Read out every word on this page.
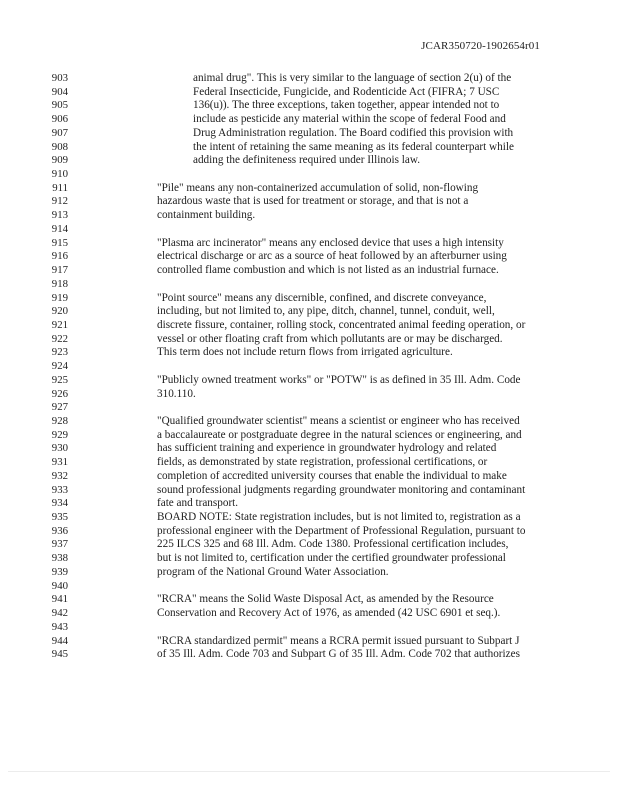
JCAR350720-1902654r01
903	animal drug". This is very similar to the language of section 2(u) of the
904	Federal Insecticide, Fungicide, and Rodenticide Act (FIFRA; 7 USC
905	136(u)). The three exceptions, taken together, appear intended not to
906	include as pesticide any material within the scope of federal Food and
907	Drug Administration regulation. The Board codified this provision with
908	the intent of retaining the same meaning as its federal counterpart while
909	adding the definiteness required under Illinois law.
910
911	"Pile" means any non-containerized accumulation of solid, non-flowing
912	hazardous waste that is used for treatment or storage, and that is not a
913	containment building.
914
915	"Plasma arc incinerator" means any enclosed device that uses a high intensity
916	electrical discharge or arc as a source of heat followed by an afterburner using
917	controlled flame combustion and which is not listed as an industrial furnace.
918
919	"Point source" means any discernible, confined, and discrete conveyance,
920	including, but not limited to, any pipe, ditch, channel, tunnel, conduit, well,
921	discrete fissure, container, rolling stock, concentrated animal feeding operation, or
922	vessel or other floating craft from which pollutants are or may be discharged.
923	This term does not include return flows from irrigated agriculture.
924
925	"Publicly owned treatment works" or "POTW" is as defined in 35 Ill. Adm. Code
926	310.110.
927
928	"Qualified groundwater scientist" means a scientist or engineer who has received
929	a baccalaureate or postgraduate degree in the natural sciences or engineering, and
930	has sufficient training and experience in groundwater hydrology and related
931	fields, as demonstrated by state registration, professional certifications, or
932	completion of accredited university courses that enable the individual to make
933	sound professional judgments regarding groundwater monitoring and contaminant
934	fate and transport.
935	BOARD NOTE: State registration includes, but is not limited to, registration as a
936	professional engineer with the Department of Professional Regulation, pursuant to
937	225 ILCS 325 and 68 Ill. Adm. Code 1380. Professional certification includes,
938	but is not limited to, certification under the certified groundwater professional
939	program of the National Ground Water Association.
940
941	"RCRA" means the Solid Waste Disposal Act, as amended by the Resource
942	Conservation and Recovery Act of 1976, as amended (42 USC 6901 et seq.).
943
944	"RCRA standardized permit" means a RCRA permit issued pursuant to Subpart J
945	of 35 Ill. Adm. Code 703 and Subpart G of 35 Ill. Adm. Code 702 that authorizes
